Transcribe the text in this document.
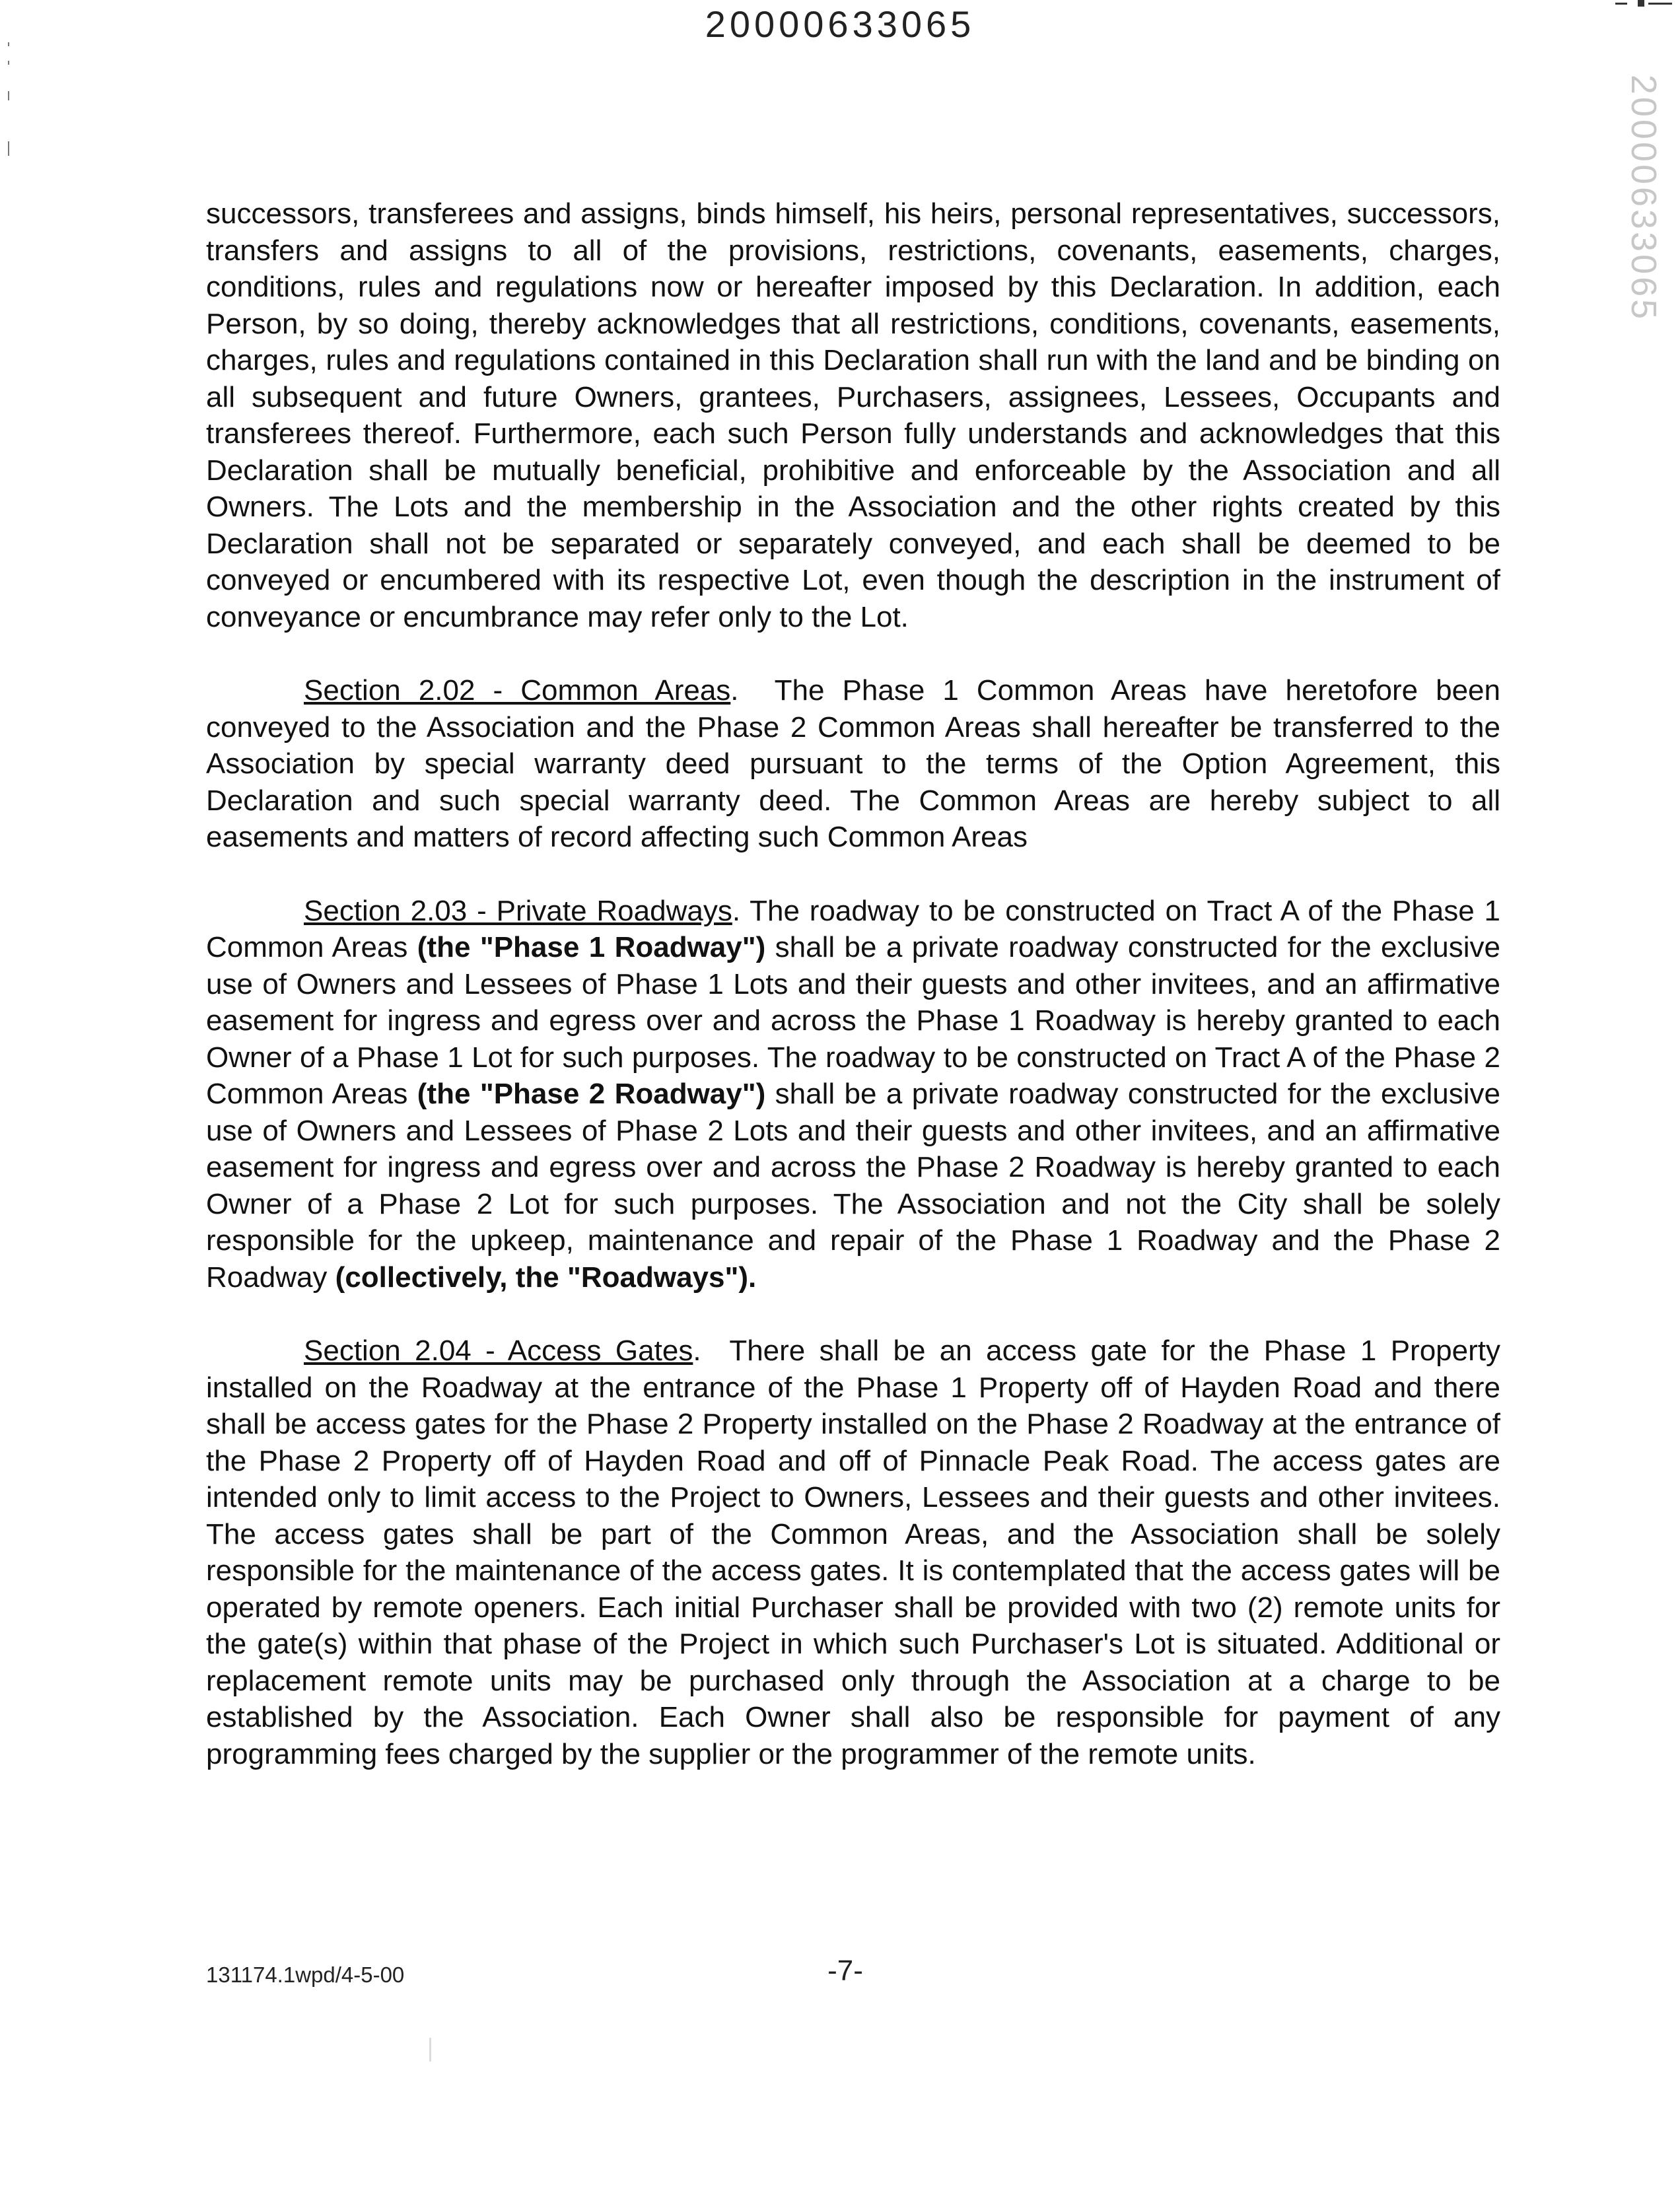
20000633065
20000633065

successors, transferees and assigns, binds himself, his heirs, personal representatives, successors, transfers and assigns to all of the provisions, restrictions, covenants, easements, charges, conditions, rules and regulations now or hereafter imposed by this Declaration. In addition, each Person, by so doing, thereby acknowledges that all restrictions, conditions, covenants, easements, charges, rules and regulations contained in this Declaration shall run with the land and be binding on all subsequent and future Owners, grantees, Purchasers, assignees, Lessees, Occupants and transferees thereof. Furthermore, each such Person fully understands and acknowledges that this Declaration shall be mutually beneficial, prohibitive and enforceable by the Association and all Owners. The Lots and the membership in the Association and the other rights created by this Declaration shall not be separated or separately conveyed, and each shall be deemed to be conveyed or encumbered with its respective Lot, even though the description in the instrument of conveyance or encumbrance may refer only to the Lot.

Section 2.02 - Common Areas.  The Phase 1 Common Areas have heretofore been conveyed to the Association and the Phase 2 Common Areas shall hereafter be transferred to the Association by special warranty deed pursuant to the terms of the Option Agreement, this Declaration and such special warranty deed. The Common Areas are hereby subject to all easements and matters of record affecting such Common Areas

Section 2.03 - Private Roadways. The roadway to be constructed on Tract A of the Phase 1 Common Areas (the "Phase 1 Roadway") shall be a private roadway constructed for the exclusive use of Owners and Lessees of Phase 1 Lots and their guests and other invitees, and an affirmative easement for ingress and egress over and across the Phase 1 Roadway is hereby granted to each Owner of a Phase 1 Lot for such purposes. The roadway to be constructed on Tract A of the Phase 2 Common Areas (the "Phase 2 Roadway") shall be a private roadway constructed for the exclusive use of Owners and Lessees of Phase 2 Lots and their guests and other invitees, and an affirmative easement for ingress and egress over and across the Phase 2 Roadway is hereby granted to each Owner of a Phase 2 Lot for such purposes. The Association and not the City shall be solely responsible for the upkeep, maintenance and repair of the Phase 1 Roadway and the Phase 2 Roadway (collectively, the "Roadways").

Section 2.04 - Access Gates.  There shall be an access gate for the Phase 1 Property installed on the Roadway at the entrance of the Phase 1 Property off of Hayden Road and there shall be access gates for the Phase 2 Property installed on the Phase 2 Roadway at the entrance of the Phase 2 Property off of Hayden Road and off of Pinnacle Peak Road. The access gates are intended only to limit access to the Project to Owners, Lessees and their guests and other invitees. The access gates shall be part of the Common Areas, and the Association shall be solely responsible for the maintenance of the access gates. It is contemplated that the access gates will be operated by remote openers. Each initial Purchaser shall be provided with two (2) remote units for the gate(s) within that phase of the Project in which such Purchaser's Lot is situated. Additional or replacement remote units may be purchased only through the Association at a charge to be established by the Association. Each Owner shall also be responsible for payment of any programming fees charged by the supplier or the programmer of the remote units.

131174.1wpd/4-5-00	-7-
